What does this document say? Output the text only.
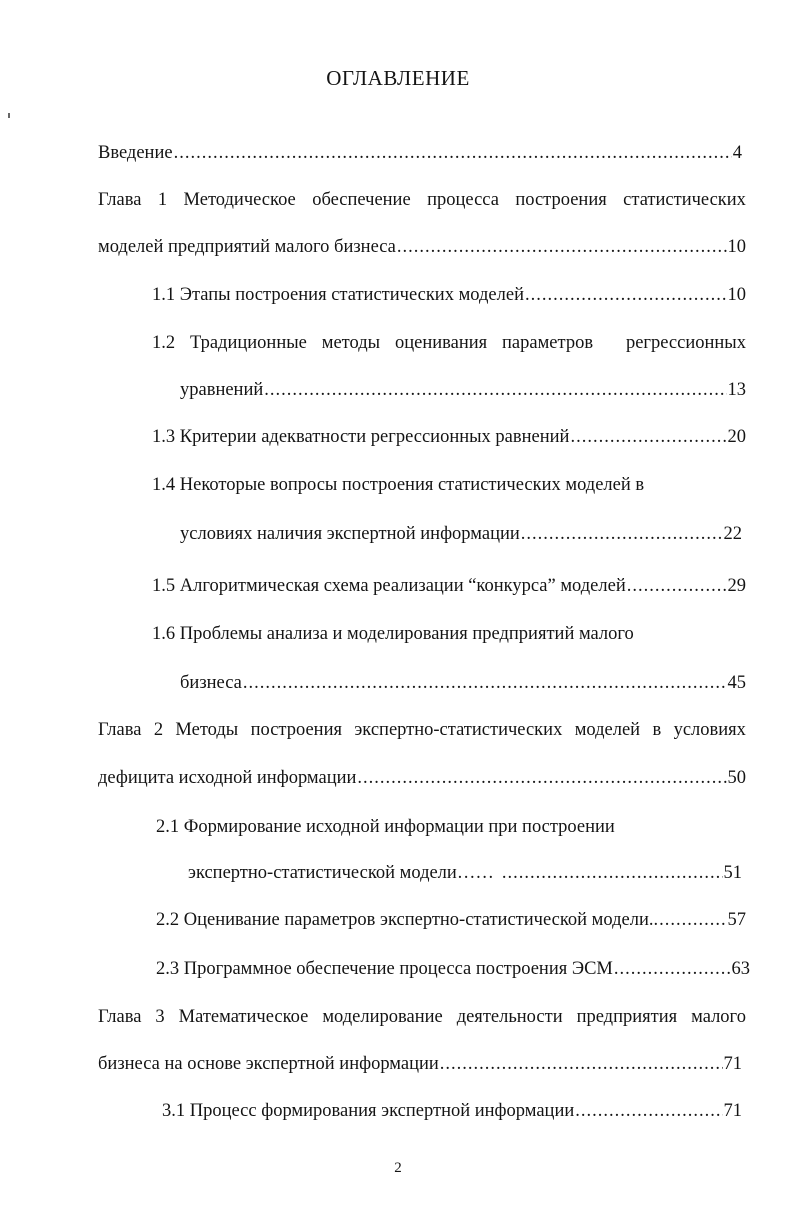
ОГЛАВЛЕНИЕ
Введение .....	4
Глава 1 Методическое обеспечение процесса построения статистических
моделей предприятий малого бизнеса .....	10
1.1 Этапы построения статистических моделей .....	10
1.2 Традиционные методы оценивания параметров регрессионных
уравнений .....	13
1.3 Критерии адекватности регрессионных равнений .....	20
1.4 Некоторые вопросы построения статистических моделей в
условиях наличия экспертной информации .....	22
1.5 Алгоритмическая схема реализации “конкурса” моделей .....	29
1.6 Проблемы анализа и моделирования предприятий малого
бизнеса .....	45
Глава 2 Методы построения экспертно-статистических моделей в условиях
дефицита исходной информации .....	50
2.1 Формирование исходной информации при построении
экспертно-статистической модели…… .....	51
2.2 Оценивание параметров экспертно-статистической модели.. .....	57
2.3 Программное обеспечение процесса построения ЭСМ .....	63
Глава 3 Математическое моделирование деятельности предприятия малого
бизнеса на основе экспертной информации .....	71
3.1 Процесс формирования экспертной информации .....	71
2
